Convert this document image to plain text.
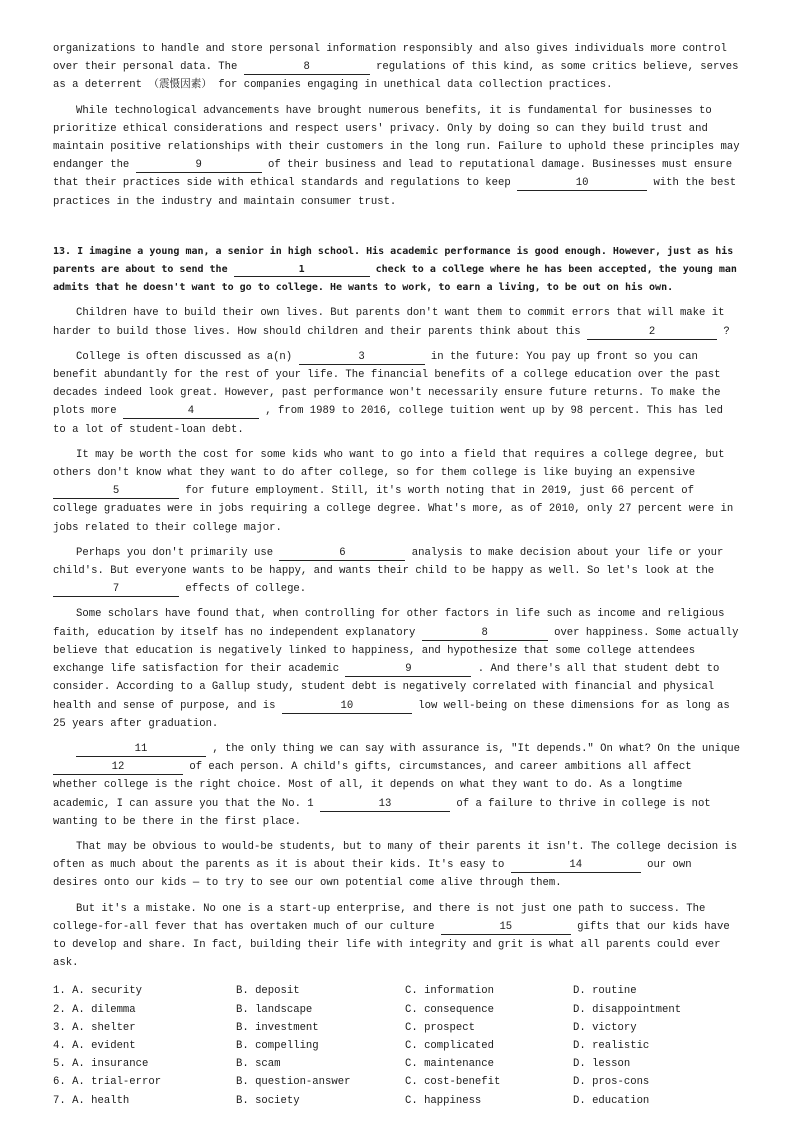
organizations to handle and store personal information responsibly and also gives individuals more control over their personal data. The	8	regulations of this kind, as some critics believe, serves as a deterrent （震慑因素） for companies engaging in unethical data collection practices.

While technological advancements have brought numerous benefits, it is fundamental for businesses to prioritize ethical considerations and respect users' privacy. Only by doing so can they build trust and maintain positive relationships with their customers in the long run. Failure to uphold these principles may endanger the	9	of their business and lead to reputational damage. Businesses must ensure that their practices side with ethical standards and regulations to keep	10	with the best practices in the industry and maintain consumer trust.

13. I imagine a young man, a senior in high school. His academic performance is good enough. However, just as his parents are about to send the	1	check to a college where he has been accepted, the young man admits that he doesn't want to go to college. He wants to work, to earn a living, to be out on his own.

Children have to build their own lives. But parents don't want them to commit errors that will make it harder to build those lives. How should children and their parents think about this	2	?

College is often discussed as a(n)	3	in the future: You pay up front so you can benefit abundantly for the rest of your life. The financial benefits of a college education over the past decades indeed look great. However, past performance won't necessarily ensure future returns. To make the plots more	4	, from 1989 to 2016, college tuition went up by 98 percent. This has led to a lot of student-loan debt.

It may be worth the cost for some kids who want to go into a field that requires a college degree, but others don't know what they want to do after college, so for them college is like buying an expensive 5	for future employment. Still, it's worth noting that in 2019, just 66 percent of college graduates were in jobs requiring a college degree. What's more, as of 2010, only 27 percent were in jobs related to their college major.

Perhaps you don't primarily use	6	analysis to make decision about your life or your child's. But everyone wants to be happy, and wants their child to be happy as well. So let's look at the 7	effects of college.

Some scholars have found that, when controlling for other factors in life such as income and religious faith, education by itself has no independent explanatory	8	over happiness. Some actually believe that education is negatively linked to happiness, and hypothesize that some college attendees exchange life satisfaction for their academic	9	. And there's all that student debt to consider. According to a Gallup study, student debt is negatively correlated with financial and physical health and sense of purpose, and is	10	low well-being on these dimensions for as long as 25 years after graduation.

11	, the only thing we can say with assurance is, "It depends." On what? On the unique 12	of each person. A child's gifts, circumstances, and career ambitions all affect whether college is the right choice. Most of all, it depends on what they want to do. As a longtime academic, I can assure you that the No. 1	13	of a failure to thrive in college is not wanting to be there in the first place.

That may be obvious to would-be students, but to many of their parents it isn't. The college decision is often as much about the parents as it is about their kids. It's easy to	14	our own desires onto our kids — to try to see our own potential come alive through them.

But it's a mistake. No one is a start-up enterprise, and there is not just one path to success. The college-for-all fever that has overtaken much of our culture	15	gifts that our kids have to develop and share. In fact, building their life with integrity and grit is what all parents could ever ask.

1. A. security	B. deposit	C. information	D. routine
2. A. dilemma	B. landscape	C. consequence	D. disappointment
3. A. shelter	B. investment	C. prospect	D. victory
4. A. evident	B. compelling	C. complicated	D. realistic
5. A. insurance	B. scam	C. maintenance	D. lesson
6. A. trial-error	B. question-answer	C. cost-benefit	D. pros-cons
7. A. health	B. society	C. happiness	D. education
